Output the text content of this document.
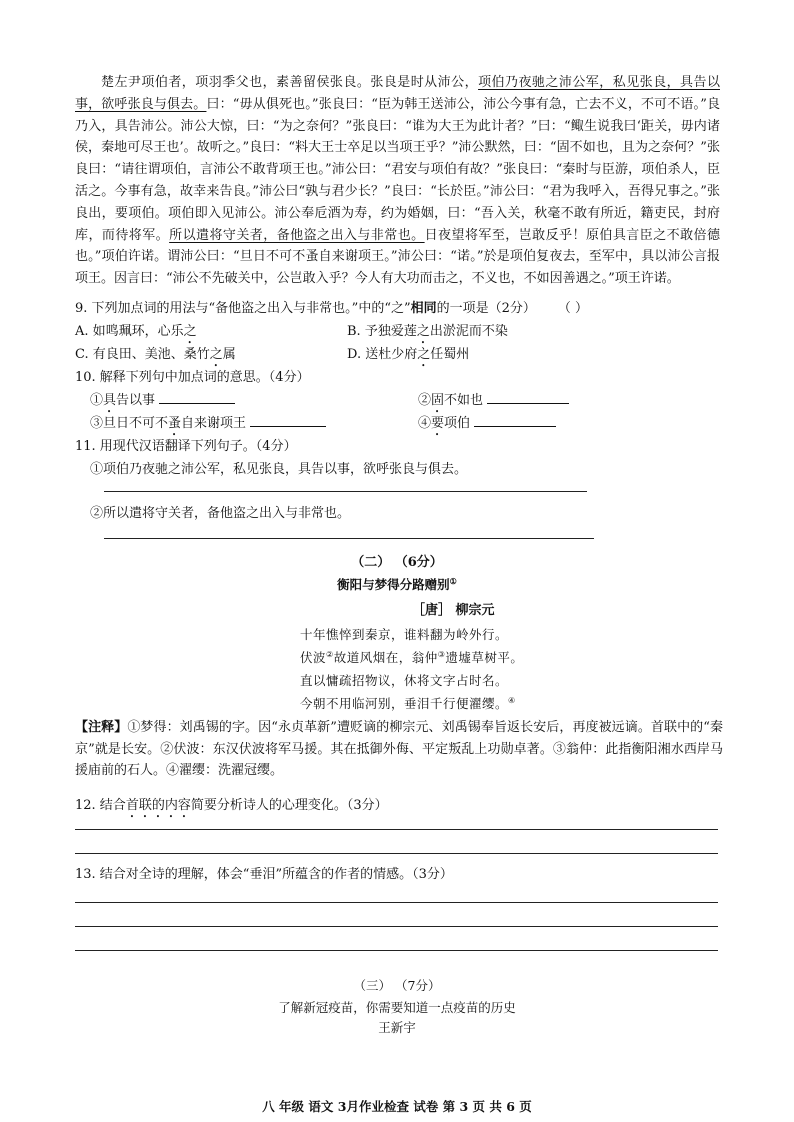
楚左尹项伯者，项羽季父也，素善留侯张良。张良是时从沛公，项伯乃夜驰之沛公军，私见张良，具告以事，欲呼张良与俱去。曰：“毋从俱死也。”张良曰：“臣为韩王送沛公，沛公今事有急，亡去不义，不可不语。”良乃入，具告沛公。沛公大惊，曰：“为之奈何？”张良曰：“谁为大王为此计者？”曰：“鲰生说我曰‘距关，毋内诸侯，秦地可尽王也’。故听之。”良曰：“料大王士卒足以当项王乎？”沛公默然，曰：“固不如也，且为之奈何？”张良曰：“请往谓项伯，言沛公不敢背项王也。”沛公曰：“君安与项伯有故？”张良曰：“秦时与臣游，项伯杀人，臣活之。今事有急，故幸来告良。”沛公曰“孰与君少长？”良曰：“长於臣。”沛公曰：“君为我呼入，吾得兄事之。”张良出，要项伯。项伯即入见沛公。沛公奉卮酒为寿，约为婚姻，曰：“吾入关，秋毫不敢有所近，籍吏民，封府库，而待将军。所以遣将守关者，备他盗之出入与非常也。日夜望将军至，岂敢反乎！原伯具言臣之不敢倍德也。”项伯许诺。谓沛公曰：“旦日不可不蚤自来谢项王。”沛公曰：“诺。”於是项伯复夜去，至军中，具以沛公言报项王。因言曰：“沛公不先破关中，公岂敢入乎？今人有大功而击之，不义也，不如因善遇之。”项王许诺。

9. 下列加点词的用法与“备他盗之出入与非常也。”中的“之”相同的一项是（2分） （ ）
A. 如鸣珮环，心乐之	B. 予独爱莲之出淤泥而不染
C. 有良田、美池、桑竹之属	D. 送杜少府之任蜀州
10. 解释下列句中加点词的意思。（4分）
①具告以事	②固不如也
③旦日不可不蚤自来谢项王	④要项伯
11. 用现代汉语翻译下列句子。（4分）
①项伯乃夜驰之沛公军，私见张良，具告以事，欲呼张良与俱去。
②所以遣将守关者，备他盗之出入与非常也。
（二） （6分）
衡阳与梦得分路赠别①
［唐］ 柳宗元
十年憔悴到秦京，谁料翻为岭外行。
伏波②故道风烟在，翁仲③遗墟草树平。
直以慵疏招物议，休将文字占时名。
今朝不用临河别，垂泪千行便濯缨。④
【注释】①梦得：刘禹锡的字。因“永贞革新”遭贬谪的柳宗元、刘禹锡奉旨返长安后，再度被远谪。首联中的“秦京”就是长安。②伏波：东汉伏波将军马援。其在抵御外侮、平定叛乱上功勋卓著。③翁仲：此指衡阳湘水西岸马援庙前的石人。④濯缨：洗濯冠缨。
12. 结合首联的内容简要分析诗人的心理变化。（3分）
13. 结合对全诗的理解，体会“垂泪”所蕴含的作者的情感。（3分）
（三） （7分）
了解新冠疫苗，你需要知道一点疫苗的历史
王新宇
八 年级 语文 3月作业检查 试卷 第 3 页 共 6 页
